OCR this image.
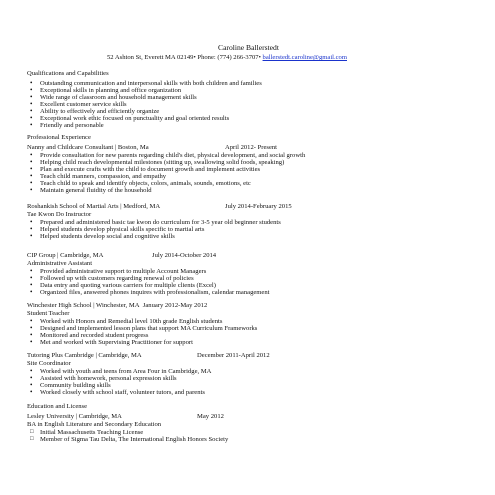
Caroline Ballerstedt
52 Ashton St, Everett MA 02149• Phone: (774) 266-3707• ballerstedt.caroline@gmail.com
Qualifications and Capabilities
• Outstanding communication and interpersonal skills with both children and families
• Exceptional skills in planning and office organization
• Wide range of classroom and household management skills
• Excellent customer service skills
• Ability to effectively and efficiently organize
• Exceptional work ethic focused on punctuality and goal oriented results
• Friendly and personable
Professional Experience
Nanny and Childcare Consultant | Boston, Ma	April 2012- Present
• Provide consultation for new parents regarding child's diet, physical development, and social growth
• Helping child reach developmental milestones (sitting up, swallowing solid foods, speaking)
• Plan and execute crafts with the child to document growth and implement activities
• Teach child manners, compassion, and empathy
• Teach child to speak and identify objects, colors, animals, sounds, emotions, etc
• Maintain general fluidity of the household
Roshankish School of Martial Arts | Medford, MA	July 2014-February 2015
Tae Kwon Do Instructor
• Prepared and administered basic tae kwon do curriculum for 3-5 year old beginner students
• Helped students develop physical skills specific to martial arts
• Helped students develop social and cognitive skills
CIP Group | Cambridge, MA	July 2014-October 2014
Administrative Assistant
• Provided administrative support to multiple Account Managers
• Followed up with customers regarding renewal of policies
• Data entry and quoting various carriers for multiple clients (Excel)
• Organized files, answered phones inquires with professionalism, calendar management
Winchester High School | Winchester, MA January 2012-May 2012
Student Teacher
• Worked with Honors and Remedial level 10th grade English students
• Designed and implemented lesson plans that support MA Curriculum Frameworks
• Monitored and recorded student progress
• Met and worked with Supervising Practitioner for support
Tutoring Plus Cambridge | Cambridge, MA	December 2011-April 2012
Site Coordinator
• Worked with youth and teens from Area Four in Cambridge, MA
• Assisted with homework, personal expression skills
• Community building skills
• Worked closely with school staff, volunteer tutors, and parents
Education and License
Lesley University | Cambridge, MA	May 2012
BA in English Literature and Secondary Education
□ Initial Massachusetts Teaching License
□ Member of Sigma Tau Delta, The International English Honors Society
